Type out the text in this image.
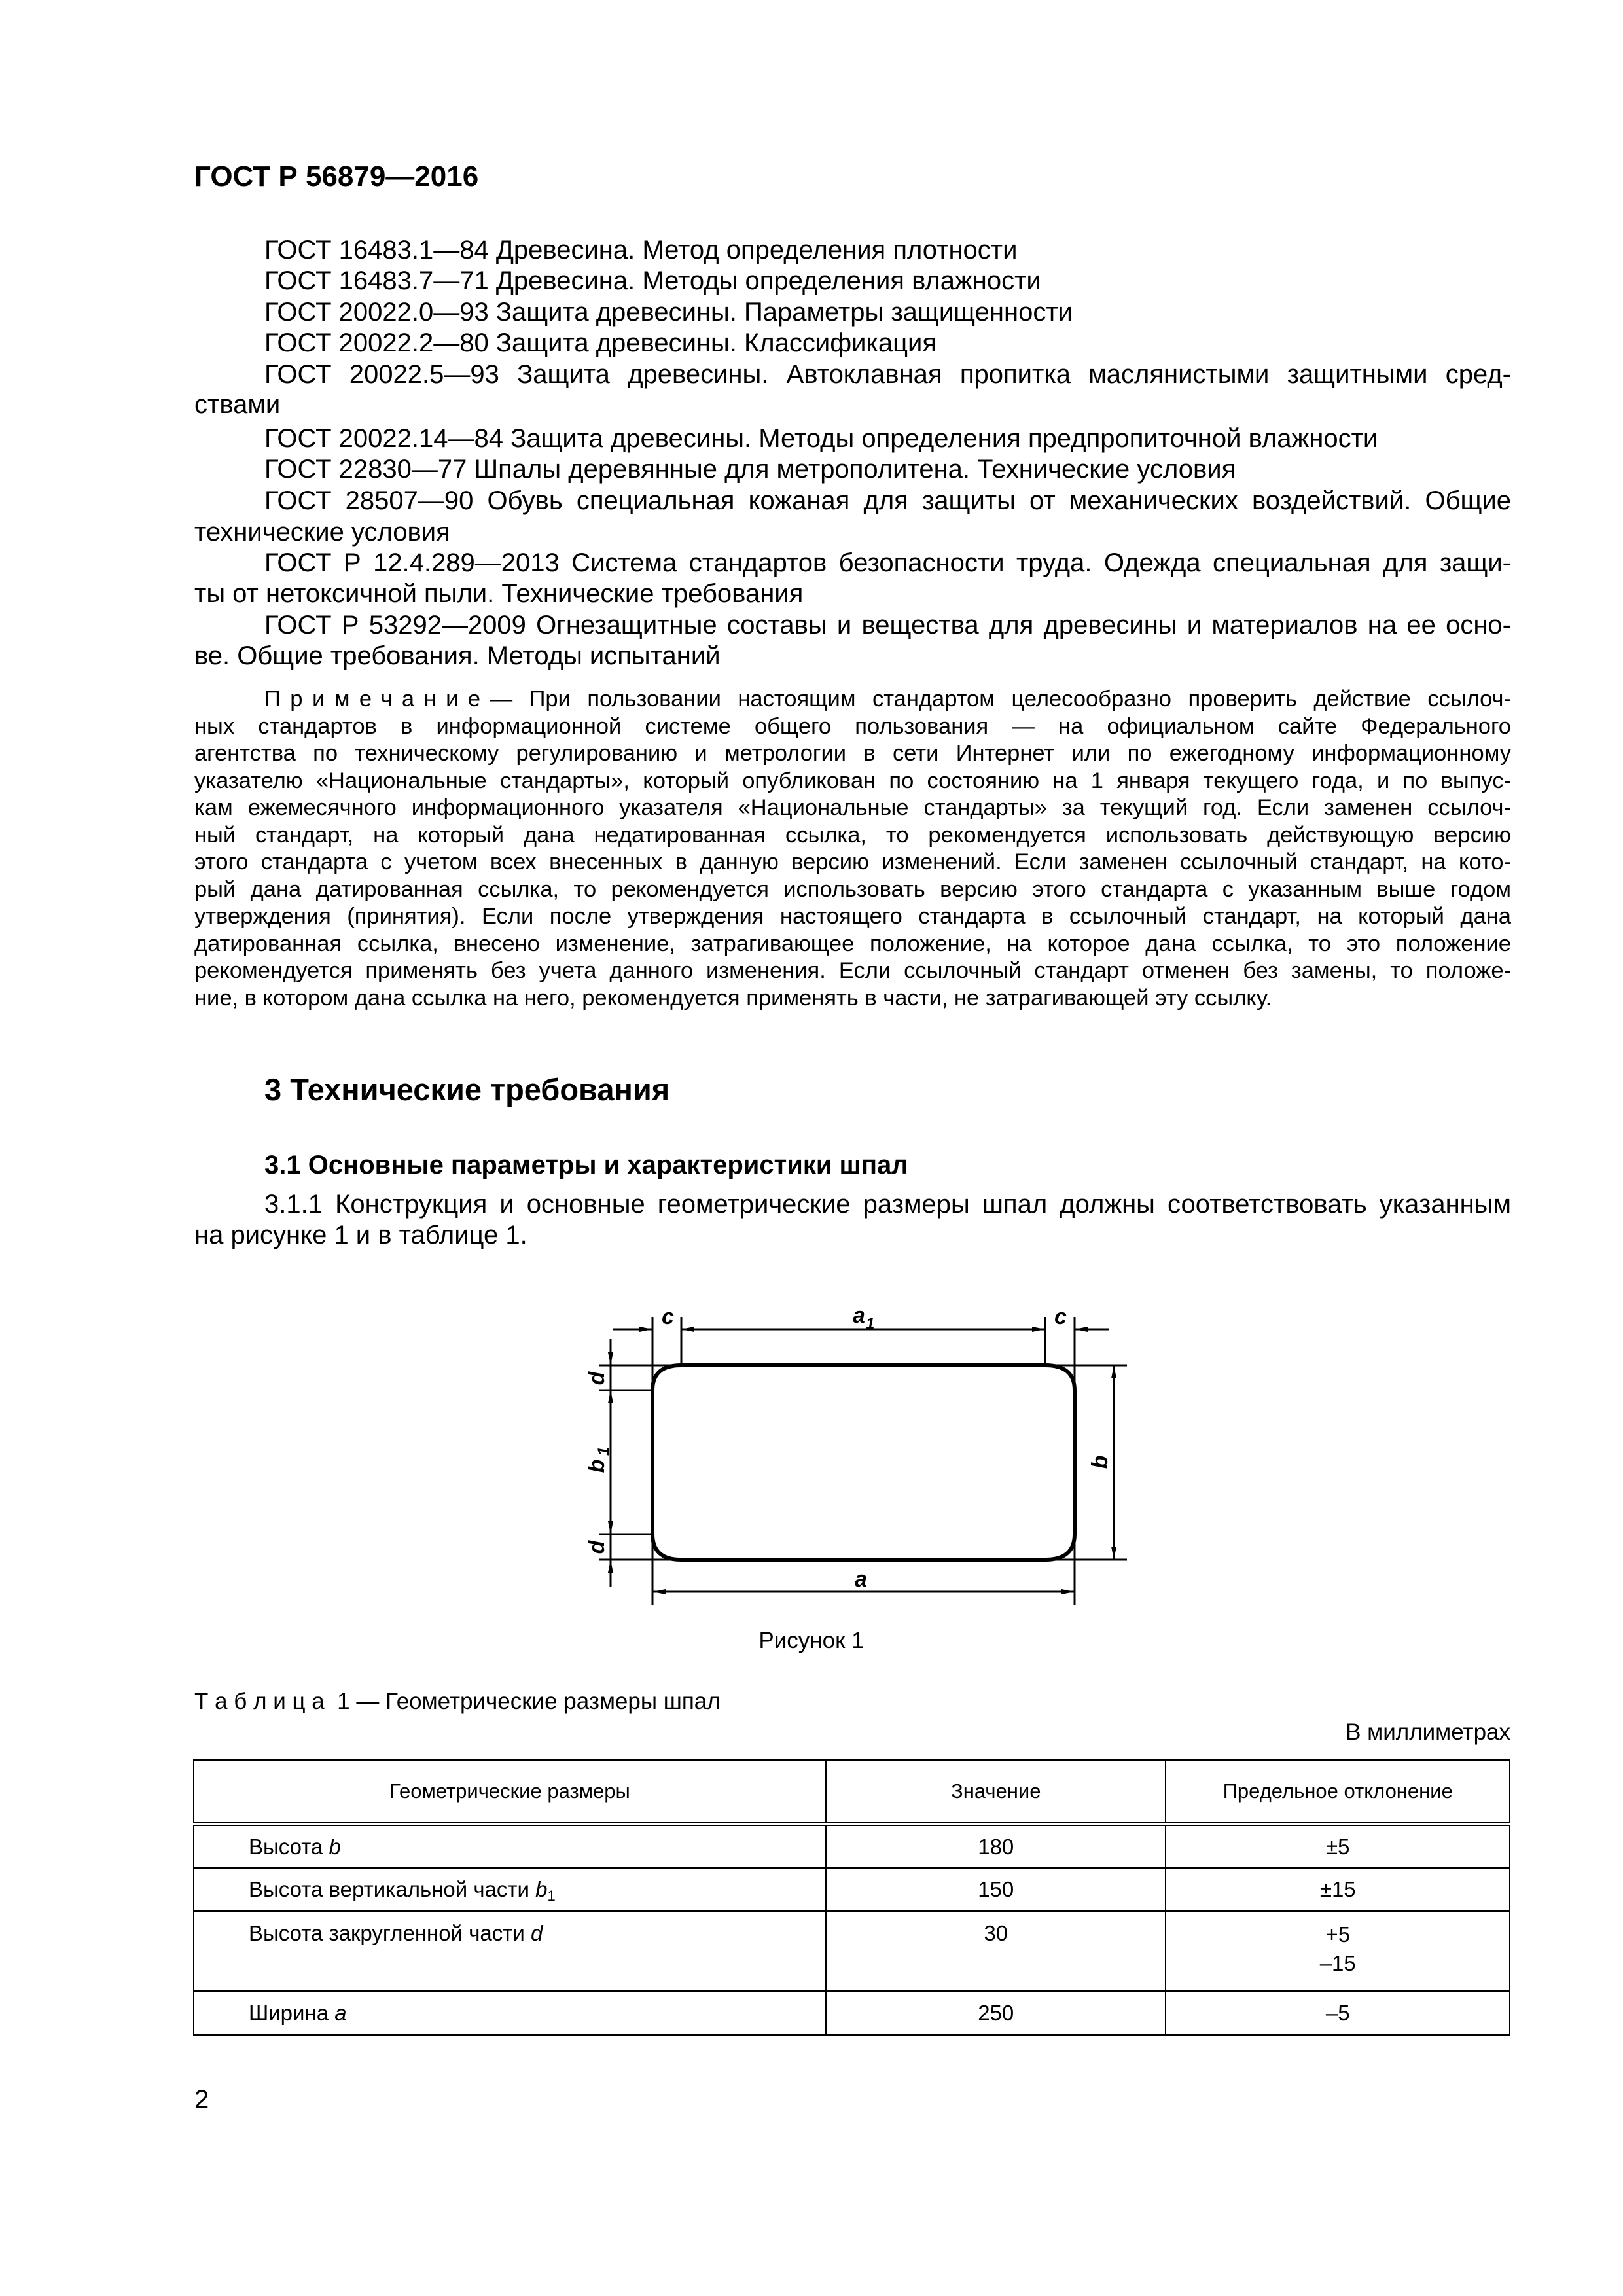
ГОСТ Р 56879—2016
ГОСТ 16483.1—84 Древесина. Метод определения плотности
ГОСТ 16483.7—71 Древесина. Методы определения влажности
ГОСТ 20022.0—93 Защита древесины. Параметры защищенности
ГОСТ 20022.2—80 Защита древесины. Классификация
ГОСТ 20022.5—93 Защита древесины. Автоклавная пропитка маслянистыми защитными сред-
ствами
ГОСТ 20022.14—84 Защита древесины. Методы определения предпропиточной влажности
ГОСТ 22830—77 Шпалы деревянные для метрополитена. Технические условия
ГОСТ 28507—90 Обувь специальная кожаная для защиты от механических воздействий. Общие
технические условия
ГОСТ Р 12.4.289—2013 Система стандартов безопасности труда. Одежда специальная для защи-
ты от нетоксичной пыли. Технические требования
ГОСТ Р 53292—2009 Огнезащитные составы и вещества для древесины и материалов на ее осно-
ве. Общие требования. Методы испытаний
Примечание— При пользовании настоящим стандартом целесообразно проверить действие ссылоч-
ных стандартов в информационной системе общего пользования — на официальном сайте Федерального
агентства по техническому регулированию и метрологии в сети Интернет или по ежегодному информационному
указателю «Национальные стандарты», который опубликован по состоянию на 1 января текущего года, и по выпус-
кам ежемесячного информационного указателя «Национальные стандарты» за текущий год. Если заменен ссылоч-
ный стандарт, на который дана недатированная ссылка, то рекомендуется использовать действующую версию
этого стандарта с учетом всех внесенных в данную версию изменений. Если заменен ссылочный стандарт, на кото-
рый дана датированная ссылка, то рекомендуется использовать версию этого стандарта с указанным выше годом
утверждения (принятия). Если после утверждения настоящего стандарта в ссылочный стандарт, на который дана
датированная ссылка, внесено изменение, затрагивающее положение, на которое дана ссылка, то это положение
рекомендуется применять без учета данного изменения. Если ссылочный стандарт отменен без замены, то положе-
ние, в котором дана ссылка на него, рекомендуется применять в части, не затрагивающей эту ссылку.
3 Технические требования
3.1 Основные параметры и характеристики шпал
3.1.1 Конструкция и основные геометрические размеры шпал должны соответствовать указанным
на рисунке 1 и в таблице 1.
c	c
a 1
a
d
d
b
1
b
Рисунок 1
Т а б л и ц а  1 — Геометрические размеры шпал
В миллиметрах
Геометрические размеры	Значение	Предельное отклонение
Высота b	180	±5
Высота вертикальной части $b_1$	150	±15
Высота закругленной части d	30	+5
–15

Ширина a	250	–5
2
